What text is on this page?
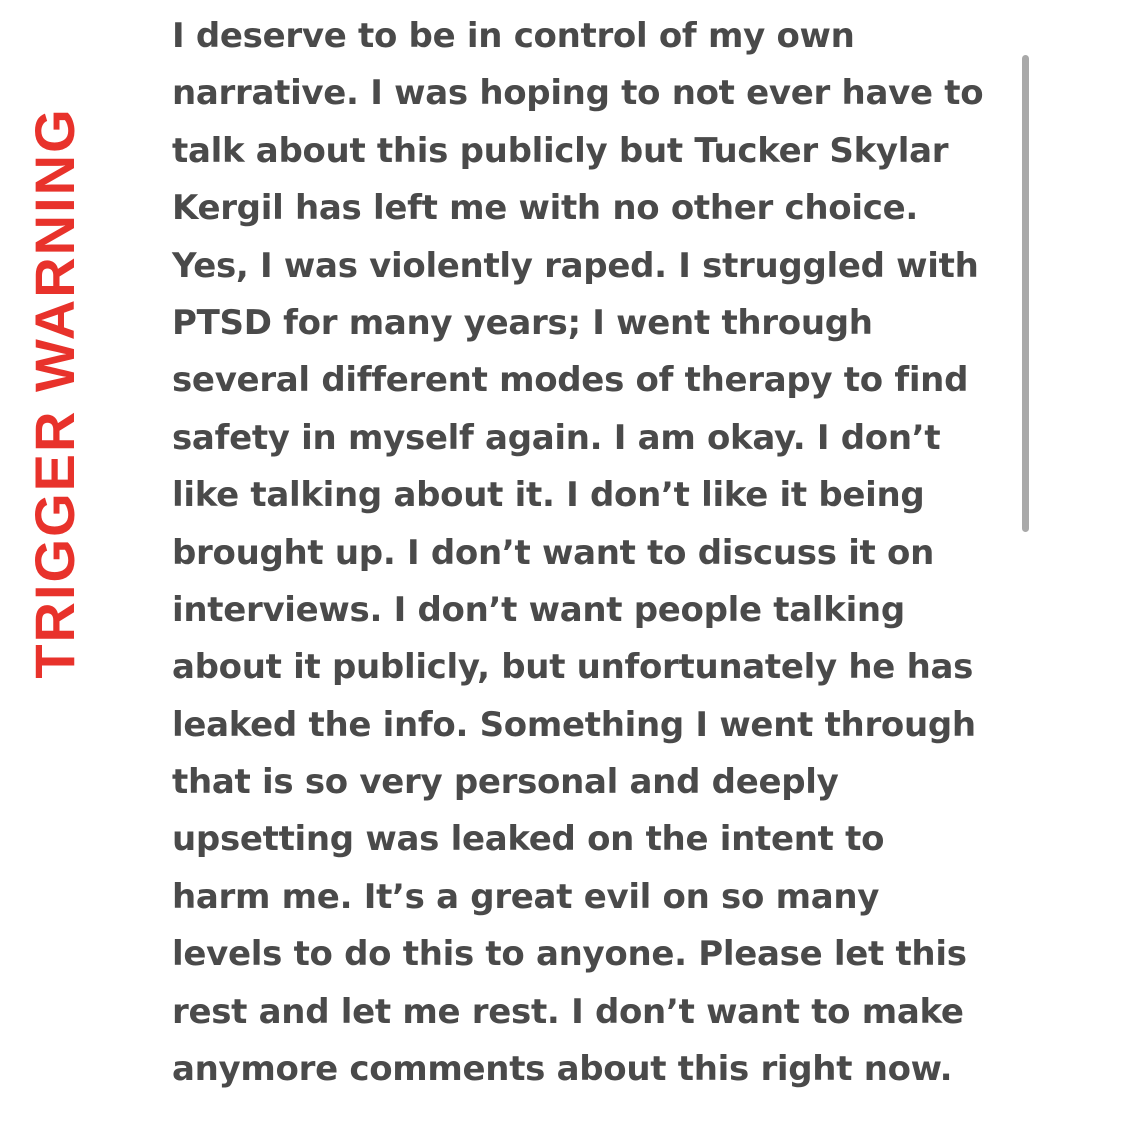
TRIGGER WARNING
I deserve to be in control of my own
narrative. I was hoping to not ever have to
talk about this publicly but Tucker Skylar
Kergil has left me with no other choice.
Yes, I was violently raped. I struggled with
PTSD for many years; I went through
several different modes of therapy to find
safety in myself again. I am okay. I don’t
like talking about it. I don’t like it being
brought up. I don’t want to discuss it on
interviews. I don’t want people talking
about it publicly, but unfortunately he has
leaked the info. Something I went through
that is so very personal and deeply
upsetting was leaked on the intent to
harm me. It’s a great evil on so many
levels to do this to anyone. Please let this
rest and let me rest. I don’t want to make
anymore comments about this right now.
